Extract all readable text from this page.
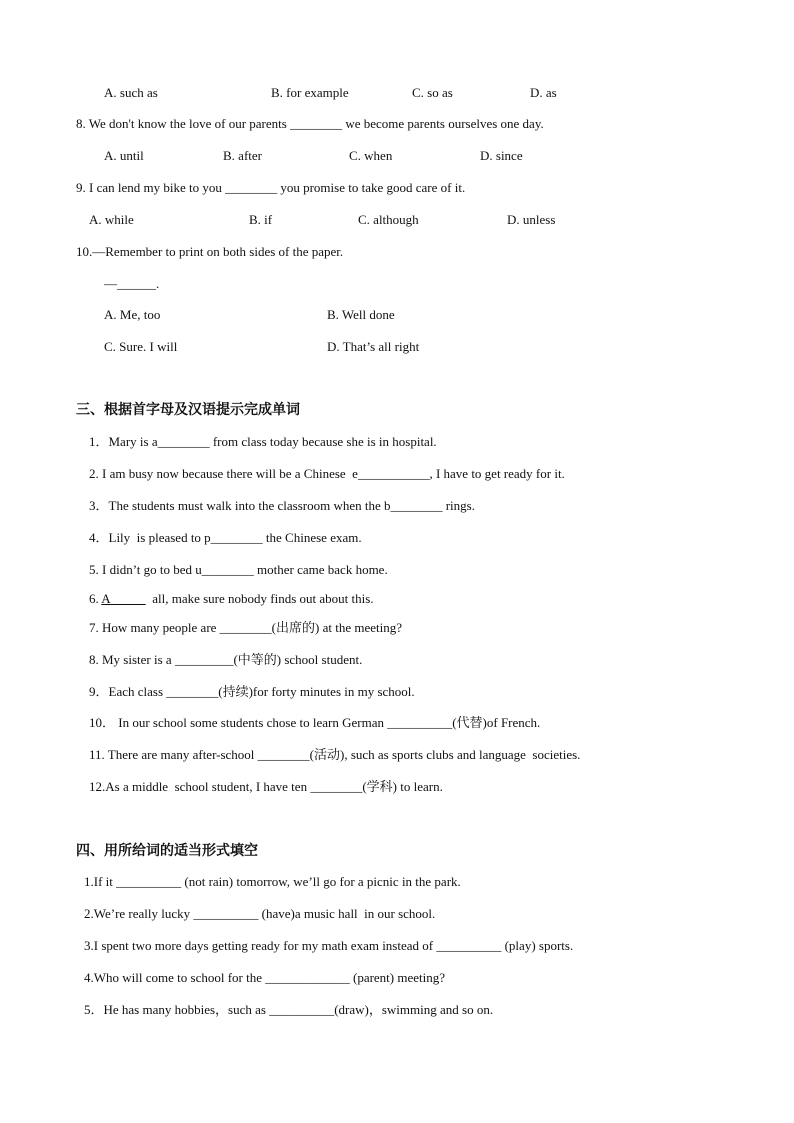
A. such as	B. for example	C. so as	D. as
8. We don't know the love of our parents ________ we become parents ourselves one day.
A. until	B. after	C. when	D. since
9. I can lend my bike to you ________ you promise to take good care of it.
A. while	B. if	C. although	D. unless
10.—Remember to print on both sides of the paper.
—______.
A. Me, too	B. Well done
C. Sure. I will	D. That’s all right
三、根据首字母及汉语提示完成单词
1．Mary is a________ from class today because she is in hospital.
2. I am busy now because there will be a Chinese  e___________, I have to get ready for it.
3．The students must walk into the classroom when the b________ rings.
4．Lily  is pleased to p________ the Chinese exam.
5. I didn’t go to bed u________ mother came back home.
6. A             all, make sure nobody finds out about this.
7. How many people are ________(出席的) at the meeting?
8. My sister is a _________(中等的) school student.
9．Each class ________(持续)for forty minutes in my school.
10． In our school some students chose to learn German __________(代替)of French.
11. There are many after-school ________(活动), such as sports clubs and language  societies.
12.As a middle  school student, I have ten ________(学科) to learn.
四、用所给词的适当形式填空
1.If it __________ (not rain) tomorrow, we’ll go for a picnic in the park.
2.We’re really lucky __________ (have)a music hall  in our school.
3.I spent two more days getting ready for my math exam instead of __________ (play) sports.
4.Who will come to school for the _____________ (parent) meeting?
5．He has many hobbies，such as __________(draw)，swimming and so on.
